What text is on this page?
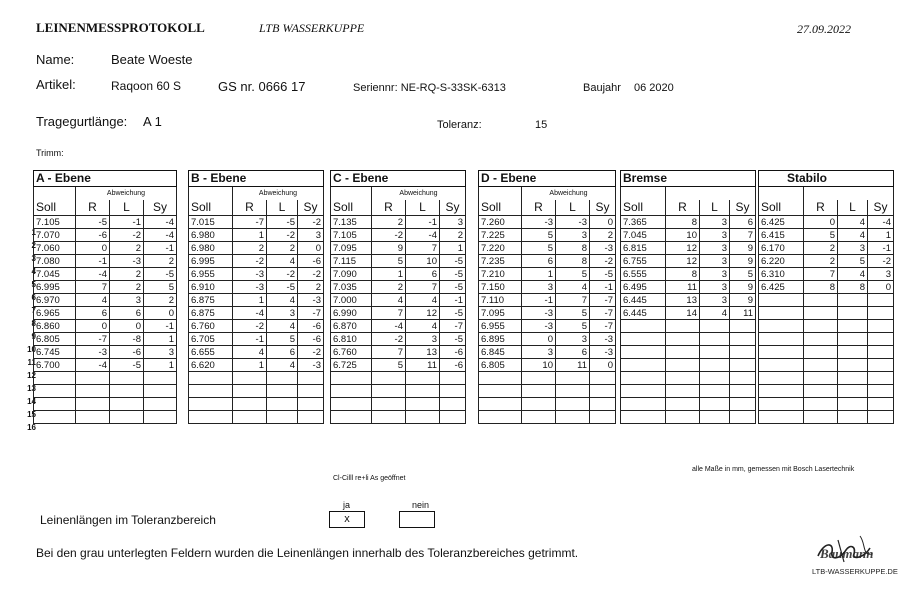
LEINENMESSPROTOKOLL	LTB WASSERKUPPE	27.09.2022
Name:	Beate Woeste
Artikel:	Raqoon 60 S	GS nr. 0666 17	Seriennr: NE-RQ-S-33SK-6313	Baujahr 06 2020
Tragegurtlänge: A 1	Toleranz:	15
Trimm:
1
2
3
4
5
6
7
8
9
10
11
12
13
14
15
16
A - Ebene			
	Abweichung		
Soll	R	L	Sy
7.105	-5	-1	-4
7.070	-6	-2	-4
7.060	0	2	-1
7.080	-1	-3	2
7.045	-4	2	-5
6.995	7	2	5
6.970	4	3	2
6.965	6	6	0
6.860	0	0	-1
6.805	-7	-8	1
6.745	-3	-6	3
6.700	-4	-5	1

B - Ebene			
	Abweichung		
Soll	R	L	Sy
7.015	-7	-5	-2
6.980	1	-2	3
6.980	2	2	0
6.995	-2	4	-6
6.955	-3	-2	-2
6.910	-3	-5	2
6.875	1	4	-3
6.875	-4	3	-7
6.760	-2	4	-6
6.705	-1	5	-6
6.655	4	6	-2
6.620	1	4	-3

C - Ebene			
	Abweichung		
Soll	R	L	Sy
7.135	2	-1	3
7.105	-2	-4	2
7.095	9	7	1
7.115	5	10	-5
7.090	1	6	-5
7.035	2	7	-5
7.000	4	4	-1
6.990	7	12	-5
6.870	-4	4	-7
6.810	-2	3	-5
6.760	7	13	-6
6.725	5	11	-6

D - Ebene			
	Abweichung		
Soll	R	L	Sy
7.260	-3	-3	0
7.225	5	3	2
7.220	5	8	-3
7.235	6	8	-2
7.210	1	5	-5
7.150	3	4	-1
7.110	-1	7	-7
7.095	-3	5	-7
6.955	-3	5	-7
6.895	0	3	-3
6.845	3	6	-3
6.805	10	11	0

Bremse			

Soll	R	L	Sy
7.365	8	3	6
7.045	10	3	7
6.815	12	3	9
6.755	12	3	9
6.555	8	3	5
6.495	11	3	9
6.445	13	3	9
6.445	14	4	11

Stabilo			

Soll	R	L	Sy
6.425	0	4	-4
6.415	5	4	1
6.170	2	3	-1
6.220	2	5	-2
6.310	7	4	3
6.425	8	8	0

Cl-Cilll re+li As geöffnet
alle Maße in mm, gemessen mit Bosch Lasertechnik
ja	nein
x
Leinenlängen im Toleranzbereich
Bei den grau unterlegten Feldern wurden die Leinenlängen innerhalb des Toleranzbereiches getrimmt.	Baumann
LTB-WASSERKUPPE.DE
